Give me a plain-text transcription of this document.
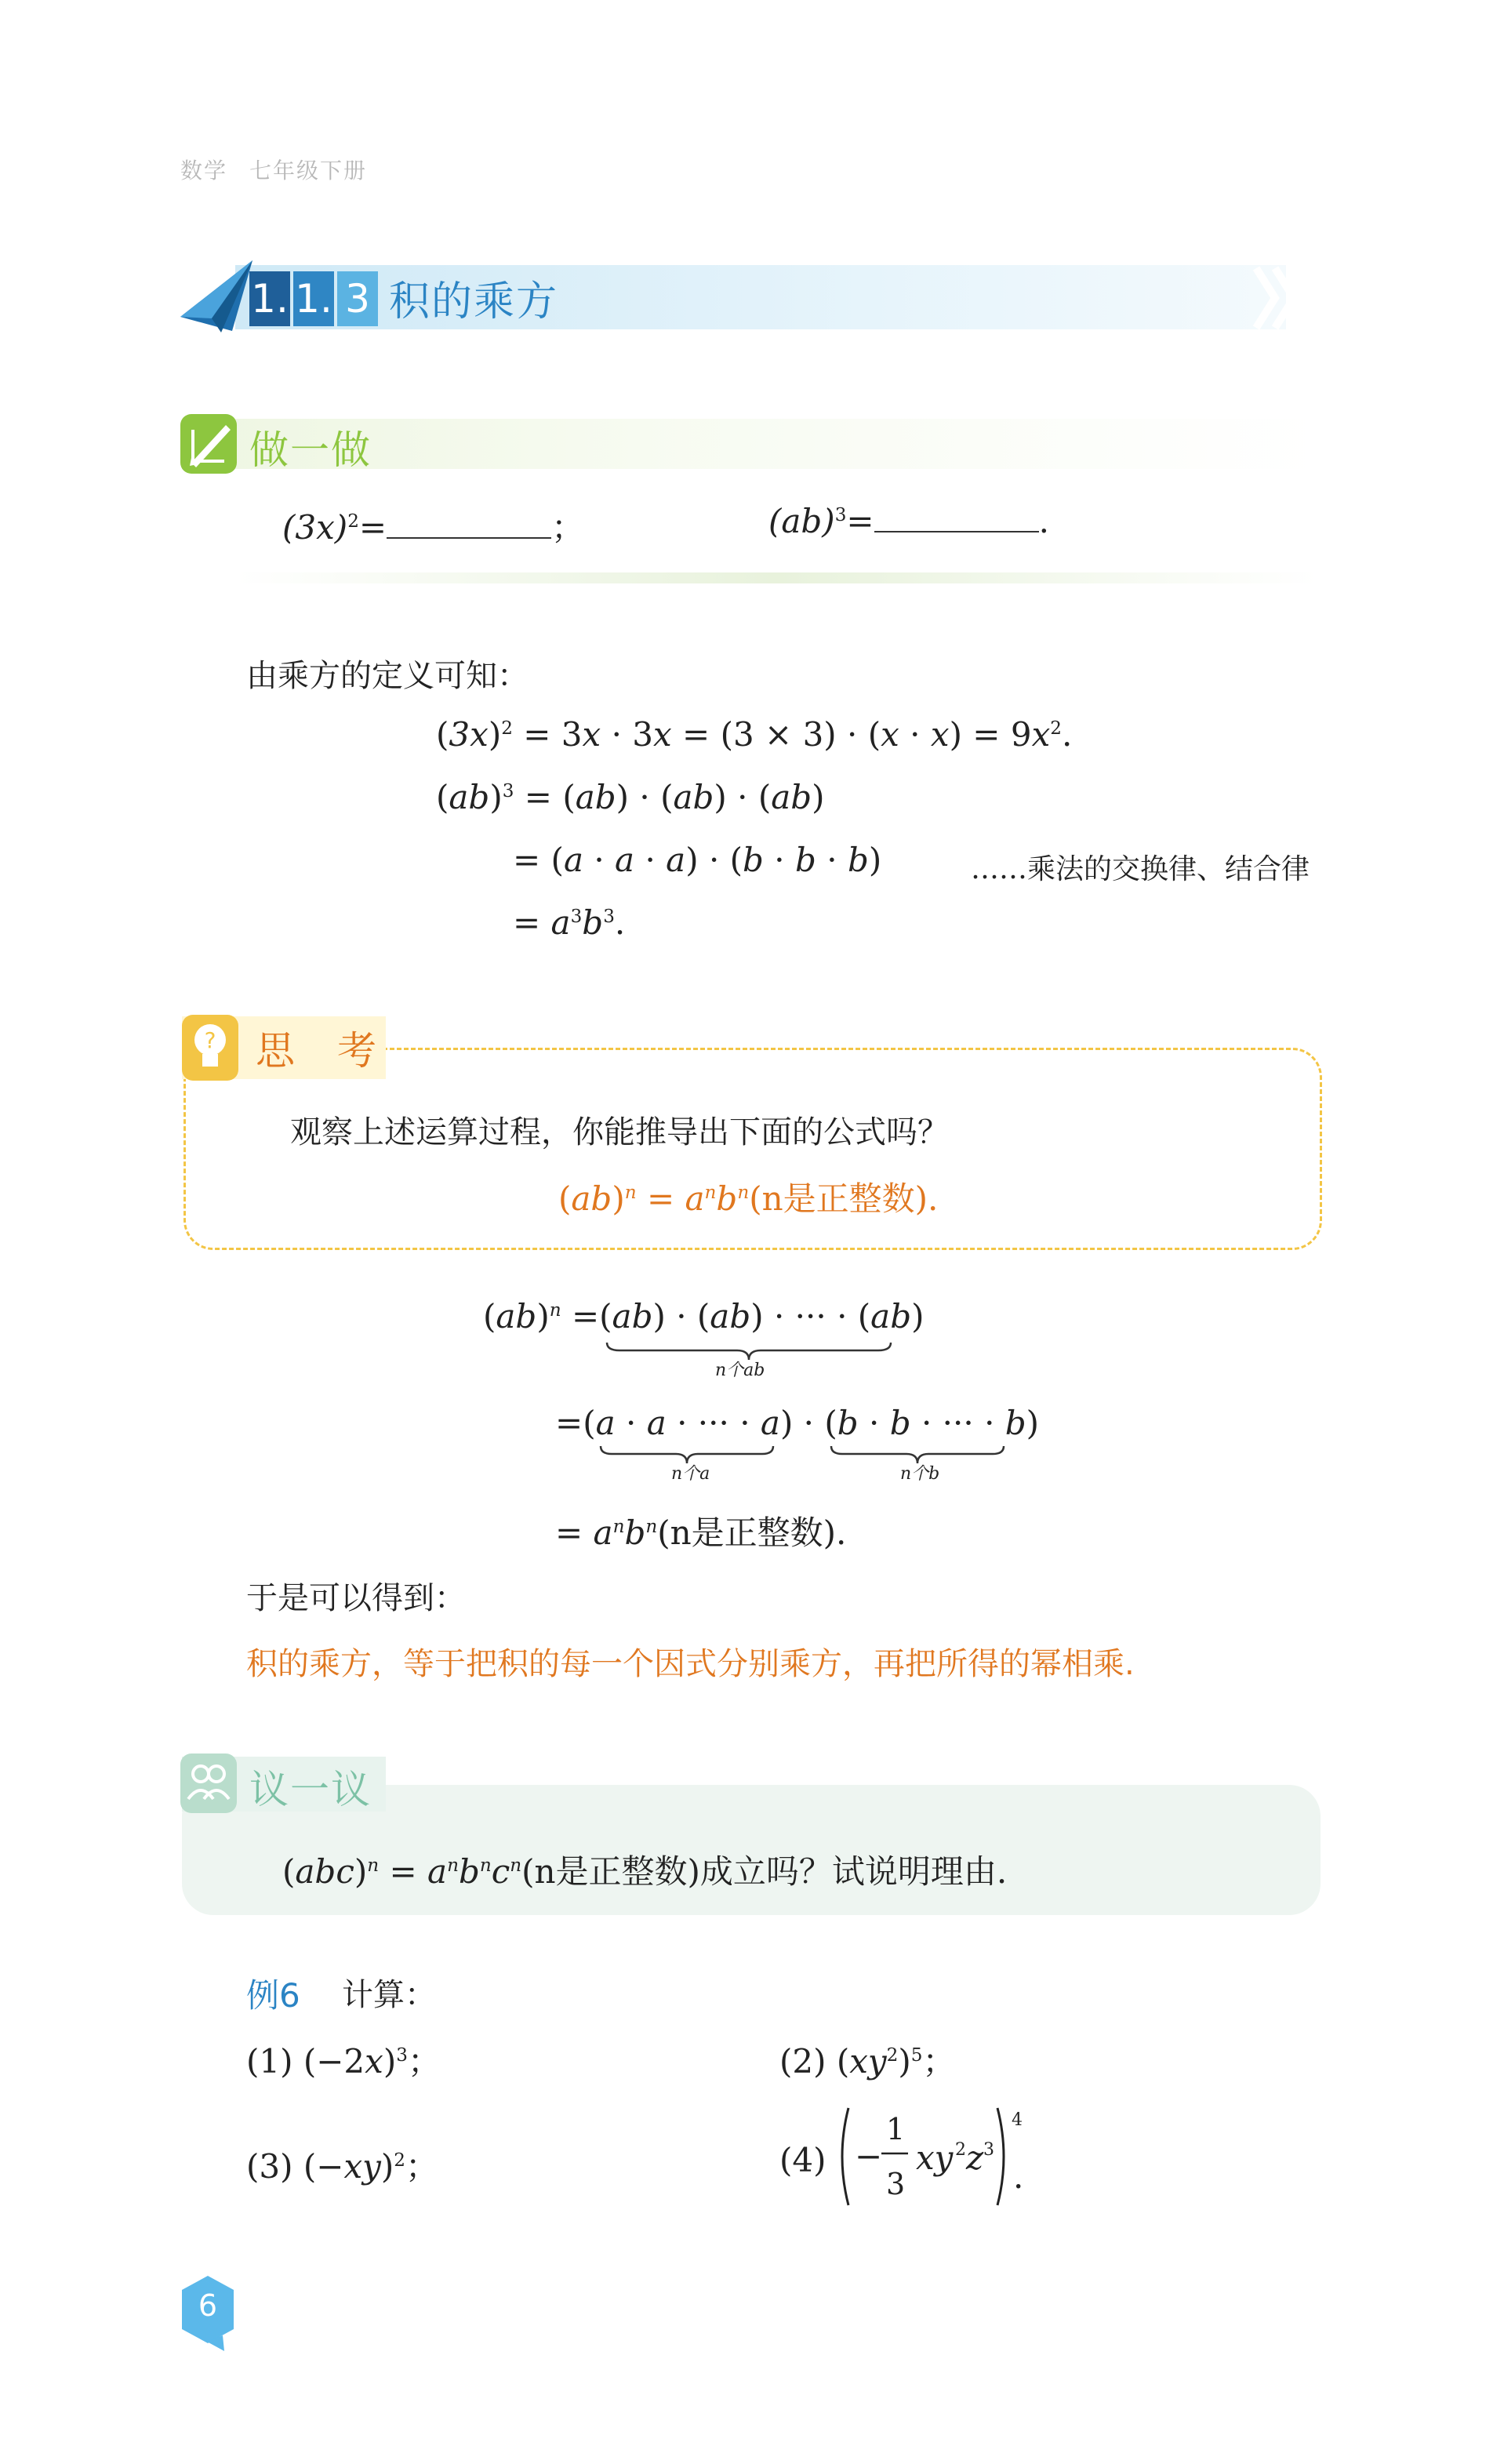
数学 七年级下册
1. 1. 3 积的乘方
做一做
$(3x)^2=$	；	(ab)$^3$=	.
由乘方的定义可知：
$(3x)^2 = 3x \cdot 3x = (3 \times 3) \cdot (x \cdot x) = 9x^2$.
(ab)$^3$ = (ab) · (ab) · (ab)
= (a · a · a) · (b · b · b)	……乘法的交换律、结合律
= $a^3b^3$.
? 思　考
观察上述运算过程，你能推导出下面的公式吗？
$(ab)^n = a^nb^n(n$是正整数).
(ab)$^n$ =(ab) · (ab) · ··· · (ab)
n个ab
=(a · a · ··· · a) · (b · b · ··· · b)
n个a	n个b
= $a^nb^n(n$是正整数).
于是可以得到：
积的乘方，等于把积的每一个因式分别乘方，再把所得的幂相乘.
议一议
$(abc)^n = a^nb^nc^n(n$是正整数)成立吗？试说明理由.
例6 计算：
(1) $(-2x)^3$；	(2) $(xy^2)^5$；
(3) $(-xy)^2$；	(4) −
1
3
xy 2 z 3
4
.
6
